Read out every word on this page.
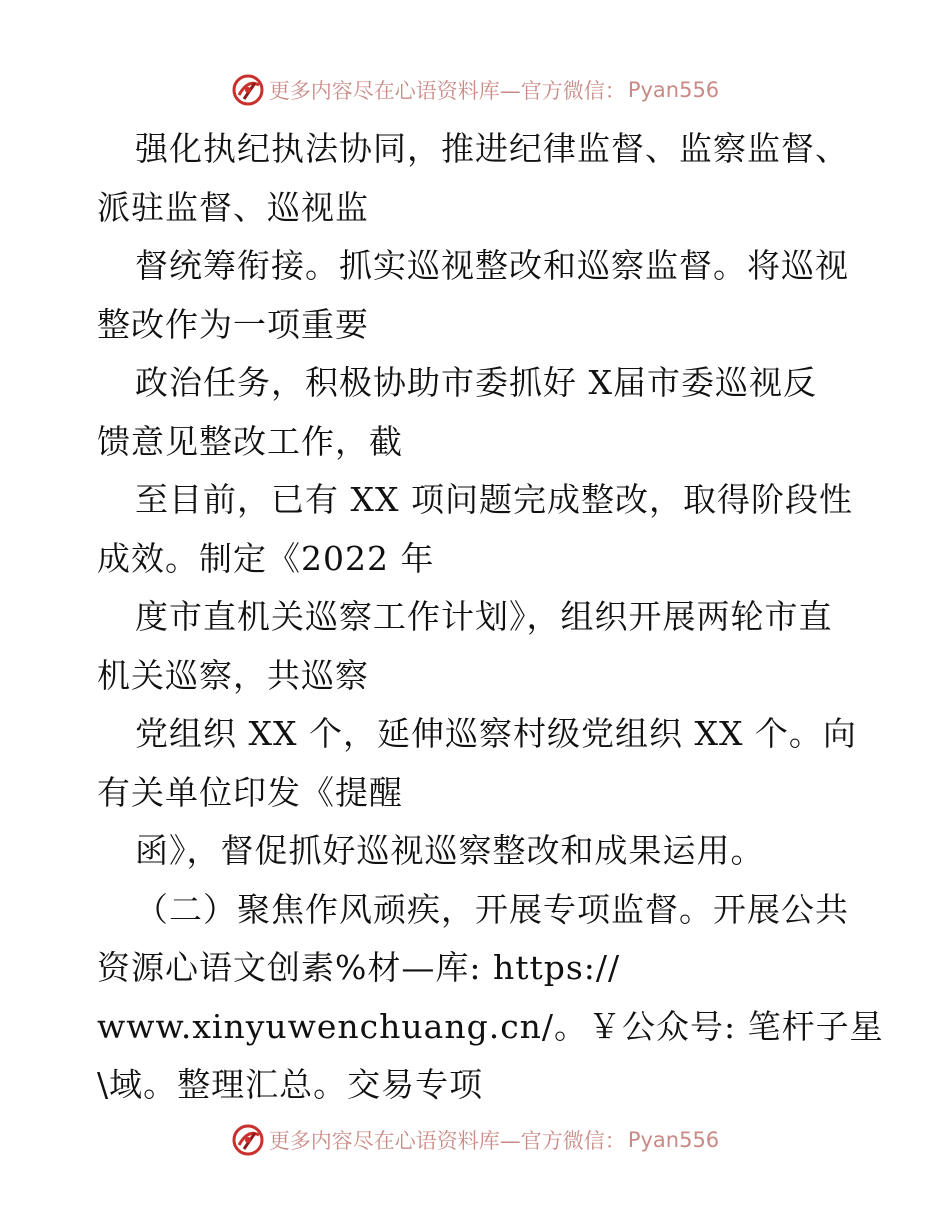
更多内容尽在心语资料库—官方微信： Pyan556
强化执纪执法协同，推进纪律监督、监察监督、
派驻监督、巡视监
督统筹衔接。抓实巡视整改和巡察监督。将巡视
整改作为一项重要
政治任务，积极协助市委抓好 X届市委巡视反
馈意见整改工作，截
至目前，已有 XX 项问题完成整改，取得阶段性
成效。制定《2022 年
度市直机关巡察工作计划》，组织开展两轮市直
机关巡察，共巡察
党组织 XX 个，延伸巡察村级党组织 XX 个。向
有关单位印发《提醒
函》，督促抓好巡视巡察整改和成果运用。
（二）聚焦作风顽疾，开展专项监督。开展公共
资源心语文创素%材—库: https://
www.xinyuwenchuang.cn/。￥公众号: 笔杆子星
\域。整理汇总。交易专项
更多内容尽在心语资料库—官方微信： Pyan556
